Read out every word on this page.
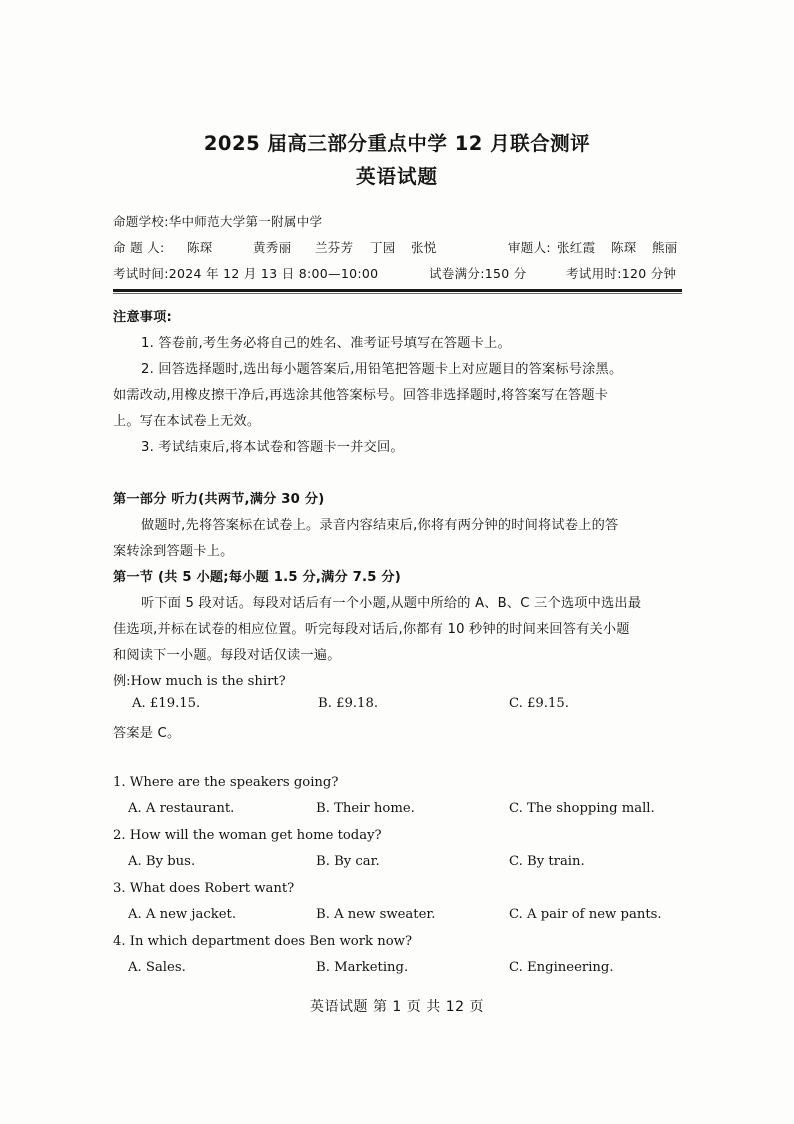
2025 届高三部分重点中学 12 月联合测评
英语试题
命题学校:华中师范大学第一附属中学
命 题 人: 陈琛	黄秀丽 兰芬芳 丁园 张悦	审题人: 张红霞 陈琛 熊丽
考试时间:2024 年 12 月 13 日 8:00—10:00	试卷满分:150 分	考试用时:120 分钟
注意事项:
1. 答卷前,考生务必将自己的姓名、准考证号填写在答题卡上。
2. 回答选择题时,选出每小题答案后,用铅笔把答题卡上对应题目的答案标号涂黑。
如需改动,用橡皮擦干净后,再选涂其他答案标号。回答非选择题时,将答案写在答题卡
上。写在本试卷上无效。
3. 考试结束后,将本试卷和答题卡一并交回。
第一部分 听力(共两节,满分 30 分)
做题时,先将答案标在试卷上。录音内容结束后,你将有两分钟的时间将试卷上的答
案转涂到答题卡上。
第一节 (共 5 小题;每小题 1.5 分,满分 7.5 分)
听下面 5 段对话。每段对话后有一个小题,从题中所给的 A、B、C 三个选项中选出最
佳选项,并标在试卷的相应位置。听完每段对话后,你都有 10 秒钟的时间来回答有关小题
和阅读下一小题。每段对话仅读一遍。
例:How much is the shirt?
A. £19.15.	B. £9.18.	C. £9.15.
答案是 C。
1. Where are the speakers going?
A. A restaurant.	B. Their home.	C. The shopping mall.
2. How will the woman get home today?
A. By bus.	B. By car.	C. By train.
3. What does Robert want?
A. A new jacket.	B. A new sweater.	C. A pair of new pants.
4. In which department does Ben work now?
A. Sales.	B. Marketing.	C. Engineering.
英语试题 第 1 页 共 12 页
